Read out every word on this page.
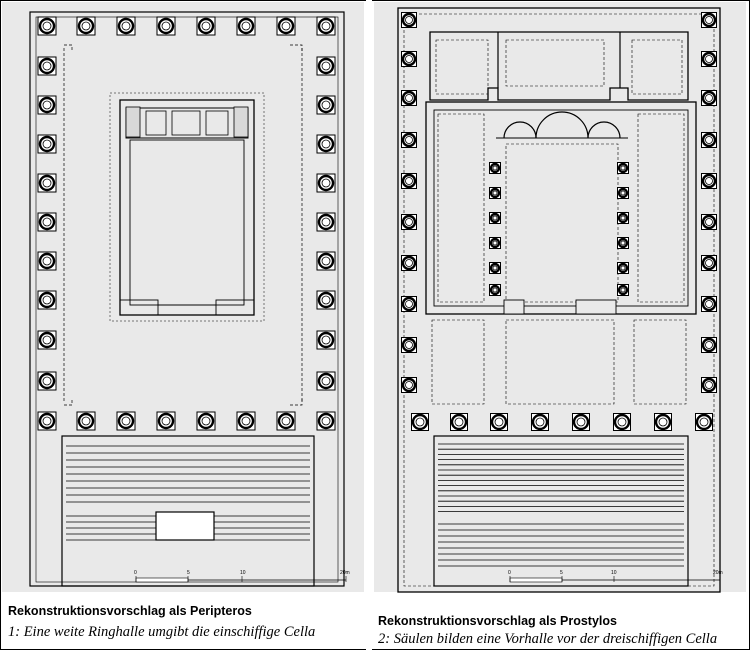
0	5	10	20m	0	5	10	20m
Rekonstruktionsvorschlag als Peripteros
1: Eine weite Ringhalle umgibt die einschiffige Cella
Rekonstruktionsvorschlag als Prostylos
2: Säulen bilden eine Vorhalle vor der dreischiffigen Cella
